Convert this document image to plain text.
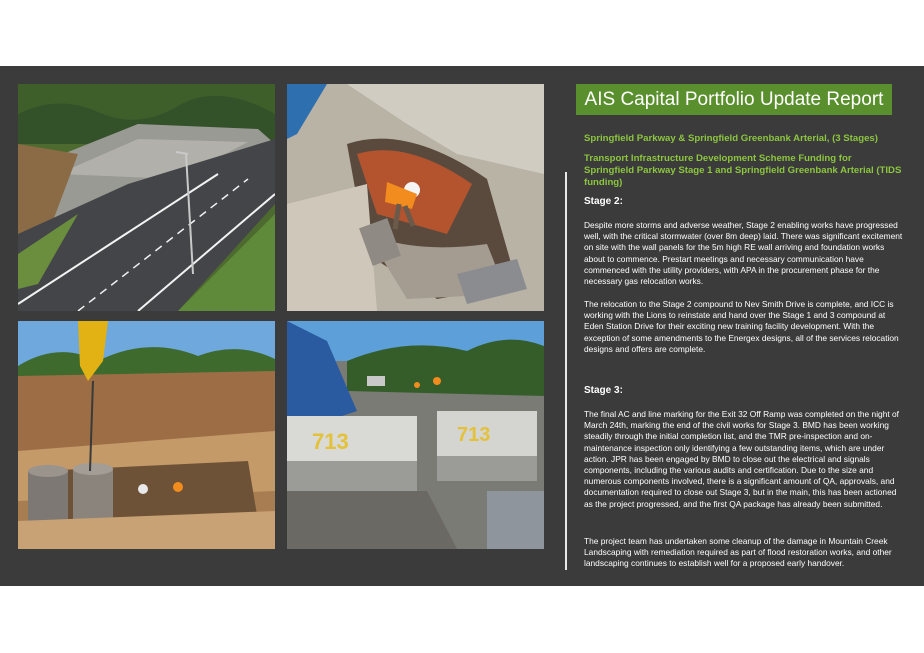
713	713
AIS Capital Portfolio Update Report
Springfield Parkway & Springfield Greenbank Arterial, (3 Stages)
Transport Infrastructure Development Scheme Funding for Springfield Parkway Stage 1 and Springfield Greenbank Arterial (TIDS funding)
Stage 2:
Despite more storms and adverse weather, Stage 2 enabling works have progressed well, with the critical stormwater (over 8m deep) laid. There was significant excitement on site with the wall panels for the 5m high RE wall arriving and foundation works about to commence. Prestart meetings and necessary communication have commenced with the utility providers, with APA in the procurement phase for the necessary gas relocation works.
The relocation to the Stage 2 compound to Nev Smith Drive is complete, and ICC is working with the Lions to reinstate and hand over the Stage 1 and 3 compound at Eden Station Drive for their exciting new training facility development. With the exception of some amendments to the Energex designs, all of the services relocation designs and offers are complete.
Stage 3:
The final AC and line marking for the Exit 32 Off Ramp was completed on the night of March 24th, marking the end of the civil works for Stage 3. BMD has been working steadily through the initial completion list, and the TMR pre-inspection and on-maintenance inspection only identifying a few outstanding items, which are under action. JPR has been engaged by BMD to close out the electrical and signals components, including the various audits and certification. Due to the size and numerous components involved, there is a significant amount of QA, approvals, and documentation required to close out Stage 3, but in the main, this has been actioned as the project progressed, and the first QA package has already been submitted.
The project team has undertaken some cleanup of the damage in Mountain Creek Landscaping with remediation required as part of flood restoration works, and other landscaping continues to establish well for a proposed early handover.
